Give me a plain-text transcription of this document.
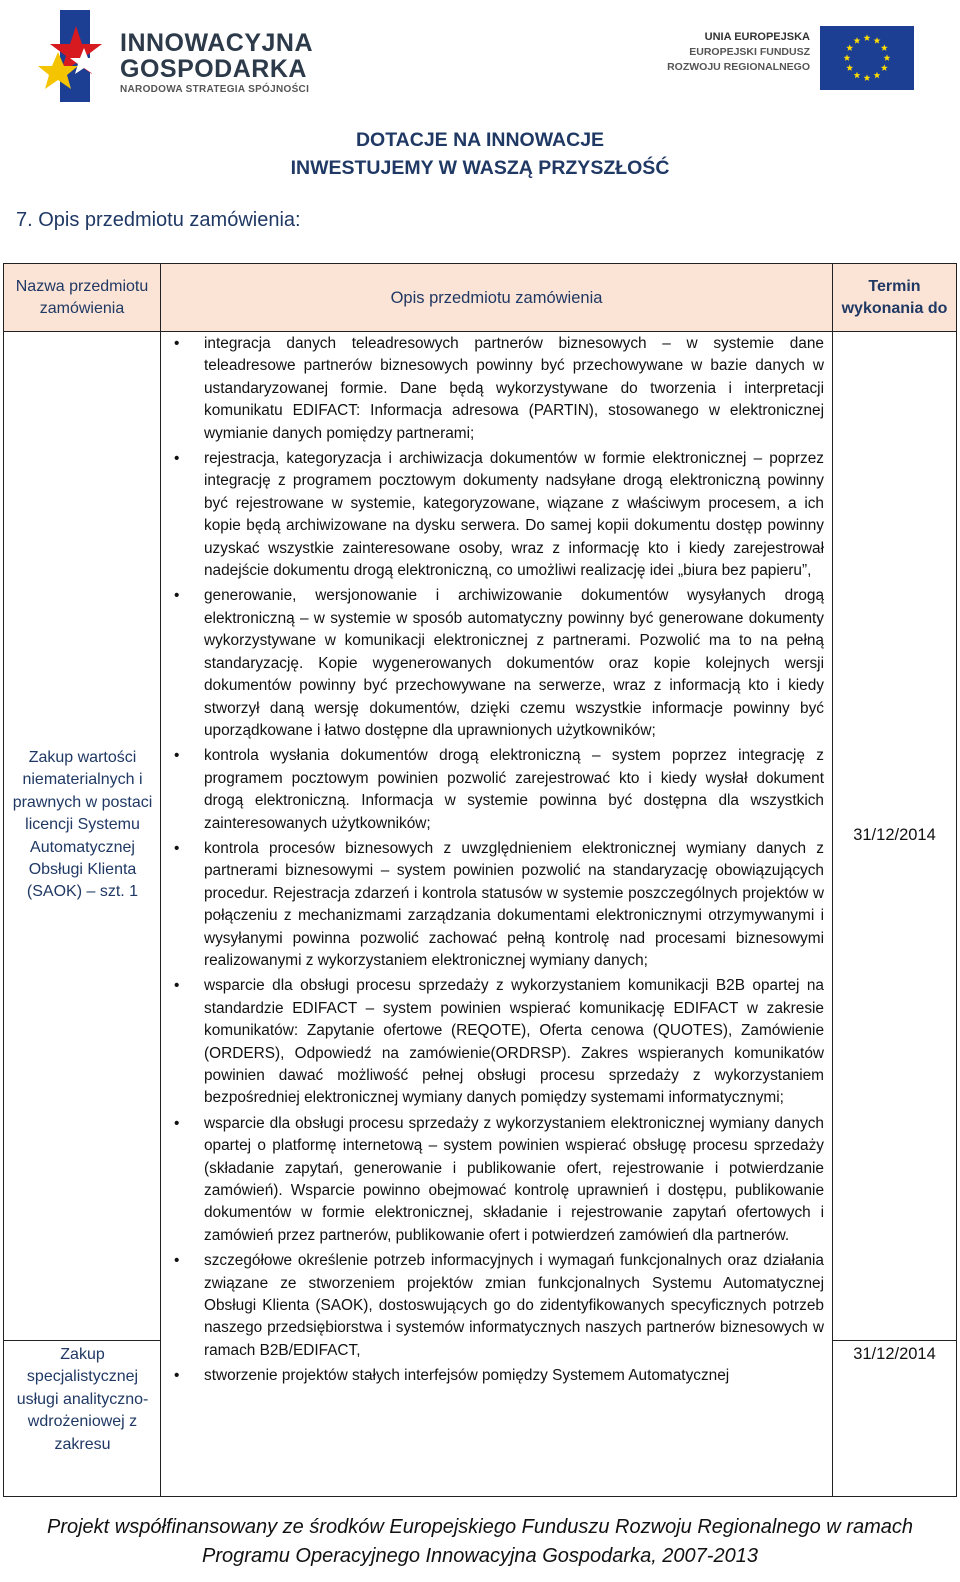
INNOWACYJNA
GOSPODARKA
NARODOWA STRATEGIA SPÓJNOŚCI
UNIA EUROPEJSKA
EUROPEJSKI FUNDUSZ
ROZWOJU REGIONALNEGO
DOTACJE NA INNOWACJE
INWESTUJEMY W WASZĄ PRZYSZŁOŚĆ
7. Opis przedmiotu zamówienia:
Nazwa przedmiotu zamówienia
Opis przedmiotu zamówienia
Termin wykonania do
Zakup wartości niematerialnych i prawnych w postaci licencji Systemu Automatycznej Obsługi Klienta (SAOK) – szt. 1
31/12/2014
Zakup specjalistycznej usługi analityczno-wdrożeniowej z zakresu
31/12/2014
• integracja danych teleadresowych partnerów biznesowych – w systemie dane teleadresowe partnerów biznesowych powinny być przechowywane w bazie danych w ustandaryzowanej formie. Dane będą wykorzystywane do tworzenia i interpretacji komunikatu EDIFACT: Informacja adresowa (PARTIN), stosowanego w elektronicznej wymianie danych pomiędzy partnerami;
• rejestracja, kategoryzacja i archiwizacja dokumentów w formie elektronicznej – poprzez integrację z programem pocztowym dokumenty nadsyłane drogą elektroniczną powinny być rejestrowane w systemie, kategoryzowane, wiązane z właściwym procesem, a ich kopie będą archiwizowane na dysku serwera. Do samej kopii dokumentu dostęp powinny uzyskać wszystkie zainteresowane osoby, wraz z informację kto i kiedy zarejestrował nadejście dokumentu drogą elektroniczną, co umożliwi realizację idei „biura bez papieru”,
• generowanie, wersjonowanie i archiwizowanie dokumentów wysyłanych drogą elektroniczną – w systemie w sposób automatyczny powinny być generowane dokumenty wykorzystywane w komunikacji elektronicznej z partnerami. Pozwolić ma to na pełną standaryzację. Kopie wygenerowanych dokumentów oraz kopie kolejnych wersji dokumentów powinny być przechowywane na serwerze, wraz z informacją kto i kiedy stworzył daną wersję dokumentów, dzięki czemu wszystkie informacje powinny być uporządkowane i łatwo dostępne dla uprawnionych użytkowników;
• kontrola wysłania dokumentów drogą elektroniczną – system poprzez integrację z programem pocztowym powinien pozwolić zarejestrować kto i kiedy wysłał dokument drogą elektroniczną. Informacja w systemie powinna być dostępna dla wszystkich zainteresowanych użytkowników;
• kontrola procesów biznesowych z uwzględnieniem elektronicznej wymiany danych z partnerami biznesowymi – system powinien pozwolić na standaryzację obowiązujących procedur. Rejestracja zdarzeń i kontrola statusów w systemie poszczególnych projektów w połączeniu z mechanizmami zarządzania dokumentami elektronicznymi otrzymywanymi i wysyłanymi powinna pozwolić zachować pełną kontrolę nad procesami biznesowymi realizowanymi z wykorzystaniem elektronicznej wymiany danych;
• wsparcie dla obsługi procesu sprzedaży z wykorzystaniem komunikacji B2B opartej na standardzie EDIFACT – system powinien wspierać komunikację EDIFACT w zakresie komunikatów: Zapytanie ofertowe (REQOTE), Oferta cenowa (QUOTES), Zamówienie (ORDERS), Odpowiedź na zamówienie(ORDRSP). Zakres wspieranych komunikatów powinien dawać możliwość pełnej obsługi procesu sprzedaży z wykorzystaniem bezpośredniej elektronicznej wymiany danych pomiędzy systemami informatycznymi;
• wsparcie dla obsługi procesu sprzedaży z wykorzystaniem elektronicznej wymiany danych opartej o platformę internetową – system powinien wspierać obsługę procesu sprzedaży (składanie zapytań, generowanie i publikowanie ofert, rejestrowanie i potwierdzanie zamówień). Wsparcie powinno obejmować kontrolę uprawnień i dostępu, publikowanie dokumentów w formie elektronicznej, składanie i rejestrowanie zapytań ofertowych i zamówień przez partnerów, publikowanie ofert i potwierdzeń zamówień dla partnerów.
• szczegółowe określenie potrzeb informacyjnych i wymagań funkcjonalnych oraz działania związane ze stworzeniem projektów zmian funkcjonalnych Systemu Automatycznej Obsługi Klienta (SAOK), dostoswujących go do zidentyfikowanych specyficznych potrzeb naszego przedsiębiorstwa i systemów informatycznych naszych partnerów biznesowych w ramach B2B/EDIFACT,
• stworzenie projektów stałych interfejsów pomiędzy Systemem Automatycznej
Projekt współfinansowany ze środków Europejskiego Funduszu Rozwoju Regionalnego w ramach
Programu Operacyjnego Innowacyjna Gospodarka, 2007-2013
